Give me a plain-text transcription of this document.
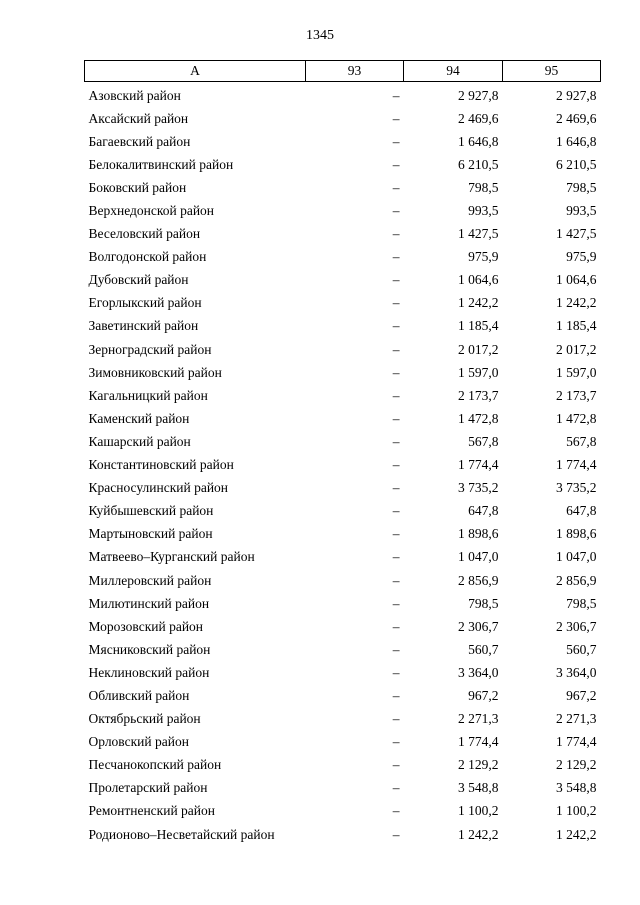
1345
А	93	94	95
Азовский район	–	2 927,8	2 927,8
Аксайский район	–	2 469,6	2 469,6
Багаевский район	–	1 646,8	1 646,8
Белокалитвинский район	–	6 210,5	6 210,5
Боковский район	–	798,5	798,5
Верхнедонской район	–	993,5	993,5
Веселовский район	–	1 427,5	1 427,5
Волгодонской район	–	975,9	975,9
Дубовский район	–	1 064,6	1 064,6
Егорлыкский район	–	1 242,2	1 242,2
Заветинский район	–	1 185,4	1 185,4
Зерноградский район	–	2 017,2	2 017,2
Зимовниковский район	–	1 597,0	1 597,0
Кагальницкий район	–	2 173,7	2 173,7
Каменский район	–	1 472,8	1 472,8
Кашарский район	–	567,8	567,8
Константиновский район	–	1 774,4	1 774,4
Красносулинский район	–	3 735,2	3 735,2
Куйбышевский район	–	647,8	647,8
Мартыновский район	–	1 898,6	1 898,6
Матвеево–Курганский район	–	1 047,0	1 047,0
Миллеровский район	–	2 856,9	2 856,9
Милютинский район	–	798,5	798,5
Морозовский район	–	2 306,7	2 306,7
Мясниковский район	–	560,7	560,7
Неклиновский район	–	3 364,0	3 364,0
Обливский район	–	967,2	967,2
Октябрьский район	–	2 271,3	2 271,3
Орловский район	–	1 774,4	1 774,4
Песчанокопский район	–	2 129,2	2 129,2
Пролетарский район	–	3 548,8	3 548,8
Ремонтненский район	–	1 100,2	1 100,2
Родионово–Несветайский район	–	1 242,2	1 242,2
